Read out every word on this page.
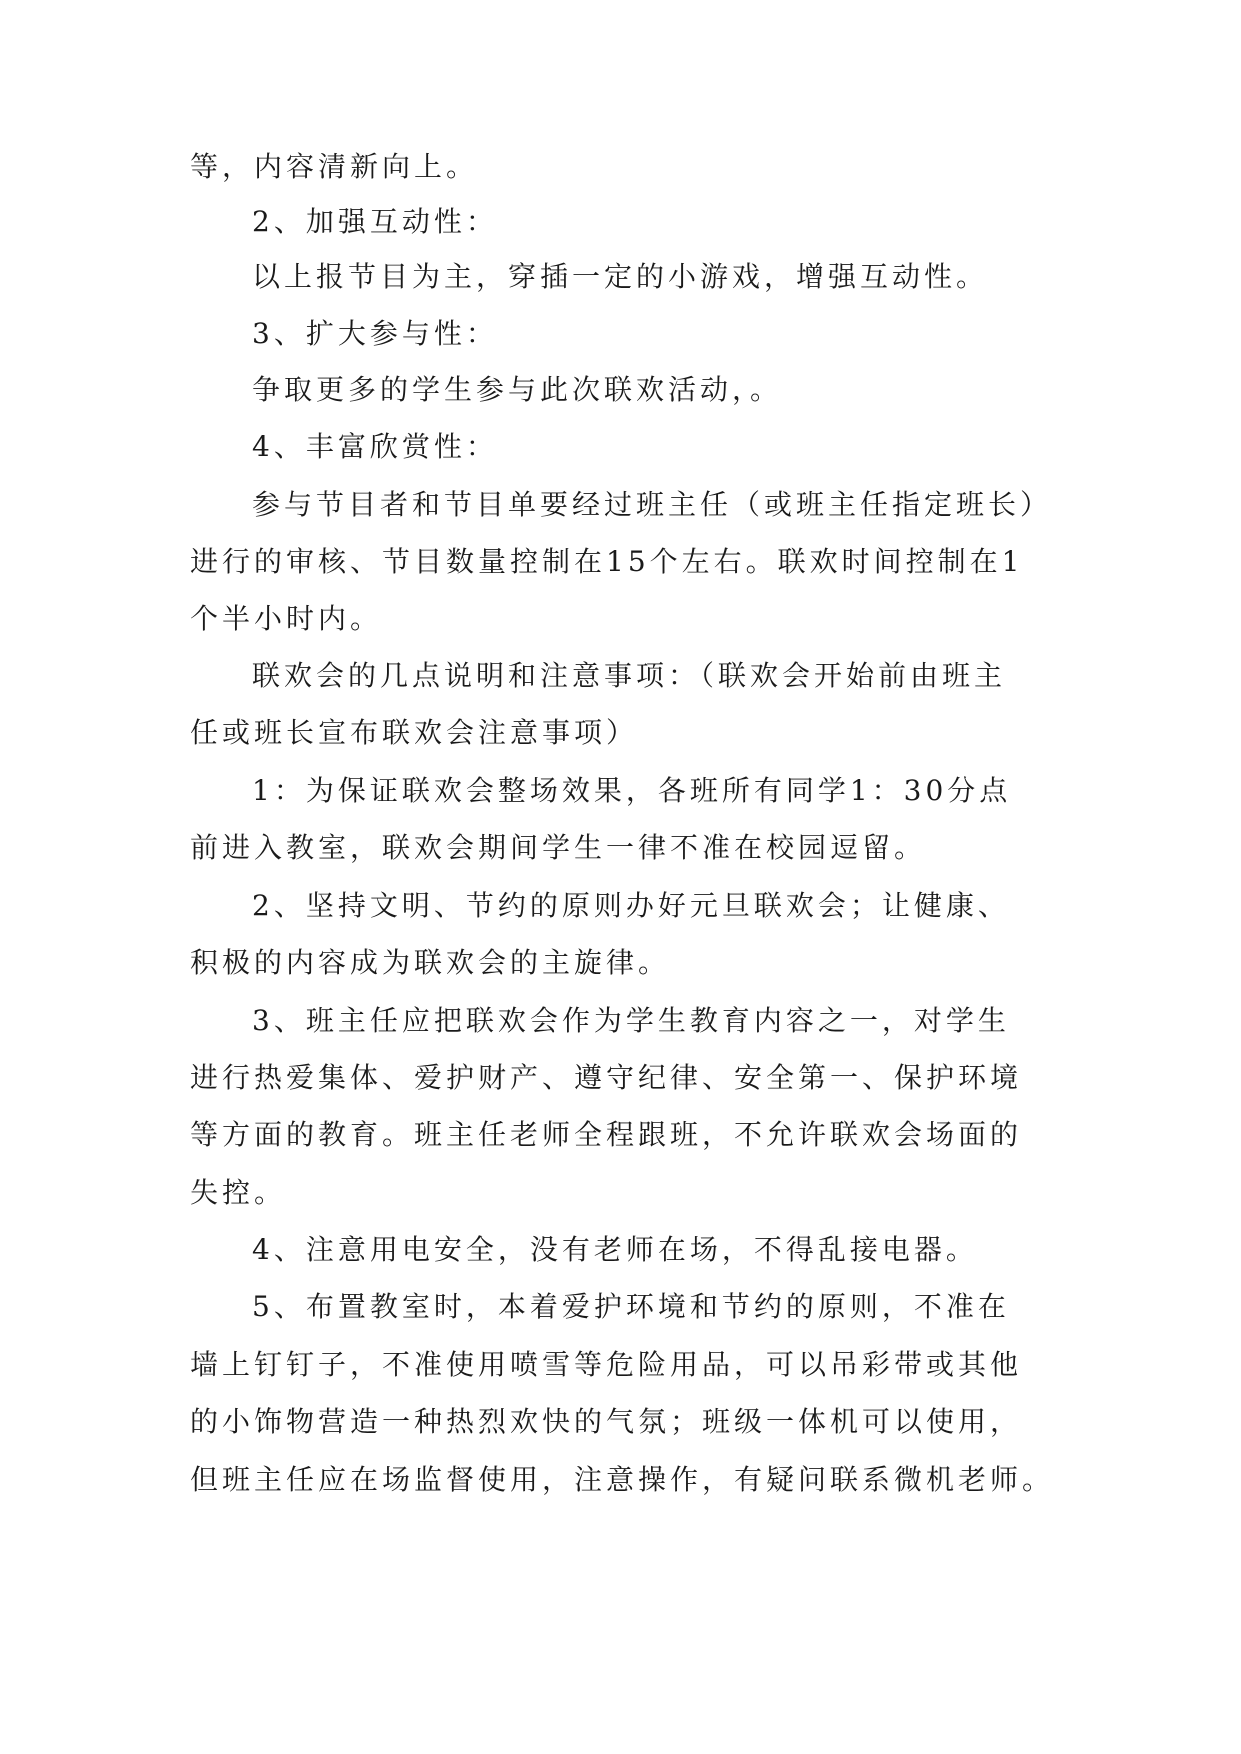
等，内容清新向上。

2、加强互动性：

以上报节目为主，穿插一定的小游戏，增强互动性。

3、扩大参与性：

争取更多的学生参与此次联欢活动，。

4、丰富欣赏性：

参与节目者和节目单要经过班主任（或班主任指定班长）

进行的审核、节目数量控制在15个左右。联欢时间控制在1

个半小时内。

联欢会的几点说明和注意事项：（联欢会开始前由班主

任或班长宣布联欢会注意事项）

1：为保证联欢会整场效果，各班所有同学1：30分点

前进入教室，联欢会期间学生一律不准在校园逗留。

2、坚持文明、节约的原则办好元旦联欢会；让健康、

积极的内容成为联欢会的主旋律。

3、班主任应把联欢会作为学生教育内容之一，对学生

进行热爱集体、爱护财产、遵守纪律、安全第一、保护环境

等方面的教育。班主任老师全程跟班，不允许联欢会场面的

失控。

4、注意用电安全，没有老师在场，不得乱接电器。

5、布置教室时，本着爱护环境和节约的原则，不准在

墙上钉钉子，不准使用喷雪等危险用品，可以吊彩带或其他

的小饰物营造一种热烈欢快的气氛；班级一体机可以使用，

但班主任应在场监督使用，注意操作，有疑问联系微机老师。
